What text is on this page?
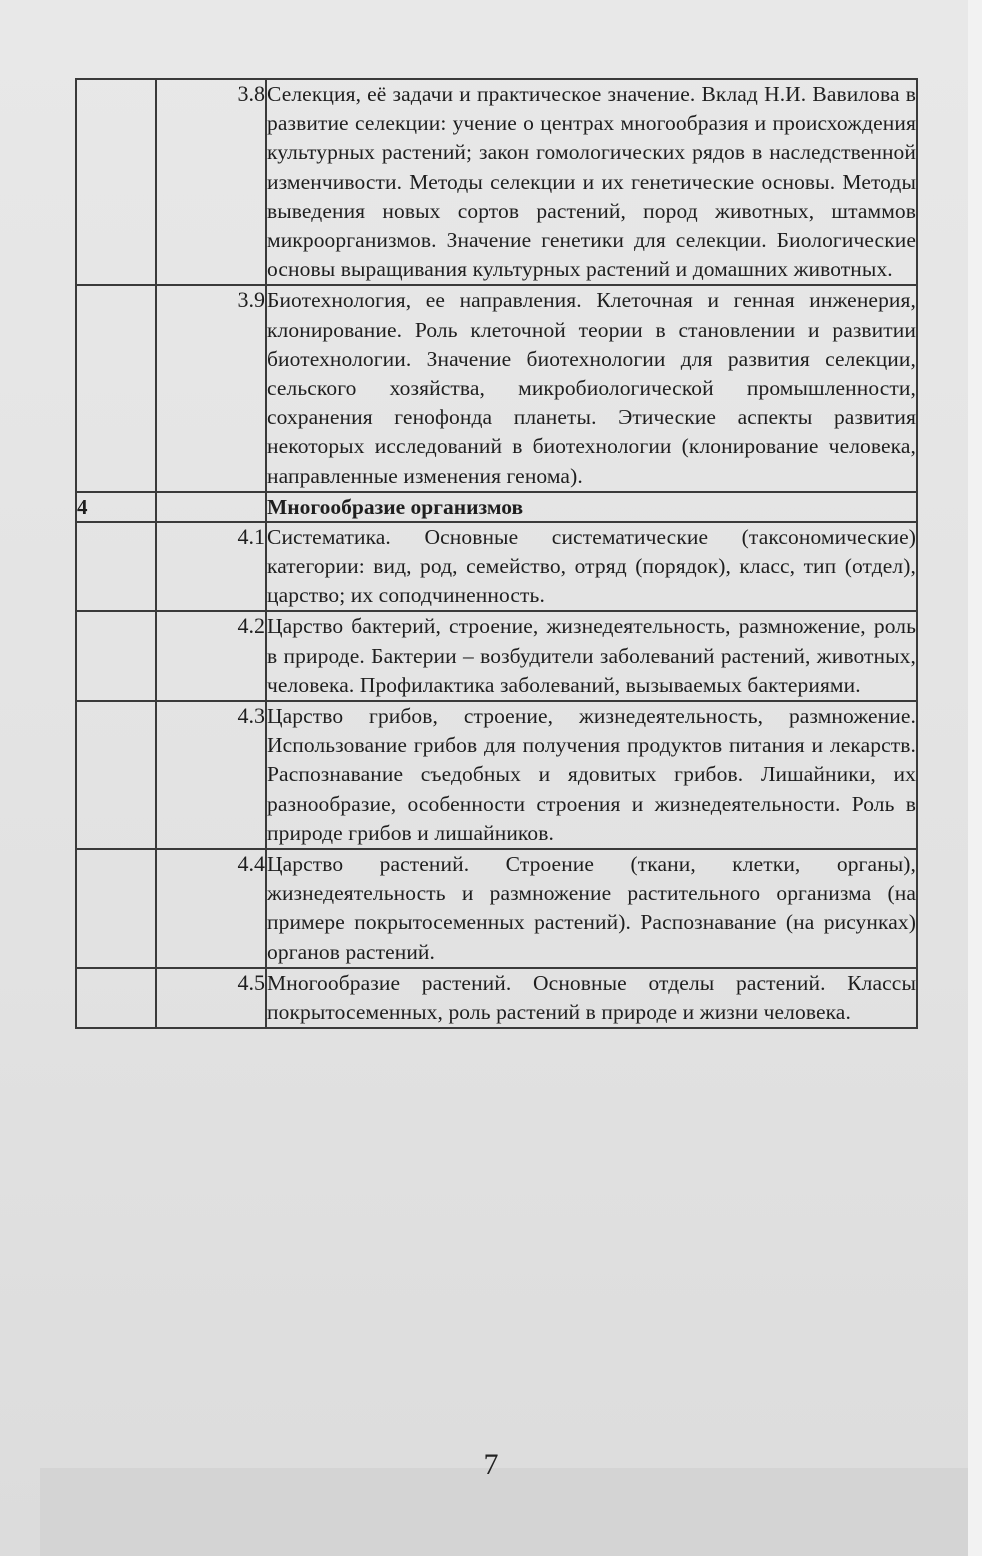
	3.8	Селекция, её задачи и практическое значение. Вклад Н.И. Вавилова в развитие селекции: учение о центрах многообразия и происхождения культурных растений; закон гомологических рядов в наследственной изменчивости. Методы селекции и их генетические основы. Методы выведения новых сортов растений, пород животных, штаммов микроорганизмов. Значение генетики для селекции. Биологические основы выращивания культурных растений и домашних животных.
	3.9	Биотехнология, ее направления. Клеточная и генная инженерия, клонирование. Роль клеточной теории в становлении и развитии биотехнологии. Значение биотехнологии для развития селекции, сельского хозяйства, микробиологической промышленности, сохранения генофонда планеты. Этические аспекты развития некоторых исследований в биотехнологии (клонирование человека, направленные изменения генома).
4		Многообразие организмов
	4.1	Систематика. Основные систематические (таксономические) категории: вид, род, семейство, отряд (порядок), класс, тип (отдел), царство; их соподчиненность.
	4.2	Царство бактерий, строение, жизнедеятельность, размножение, роль в природе. Бактерии – возбудители заболеваний растений, животных, человека. Профилактика заболеваний, вызываемых бактериями.
	4.3	Царство грибов, строение, жизнедеятельность, размножение. Использование грибов для получения продуктов питания и лекарств. Распознавание съедобных и ядовитых грибов. Лишайники, их разнообразие, особенности строения и жизнедеятельности. Роль в природе грибов и лишайников.
	4.4	Царство растений. Строение (ткани, клетки, органы), жизнедеятельность и размножение растительного организма (на примере покрытосеменных растений). Распознавание (на рисунках) органов растений.
	4.5	Многообразие растений. Основные отделы растений. Классы покрытосеменных, роль растений в природе и жизни человека.
7
